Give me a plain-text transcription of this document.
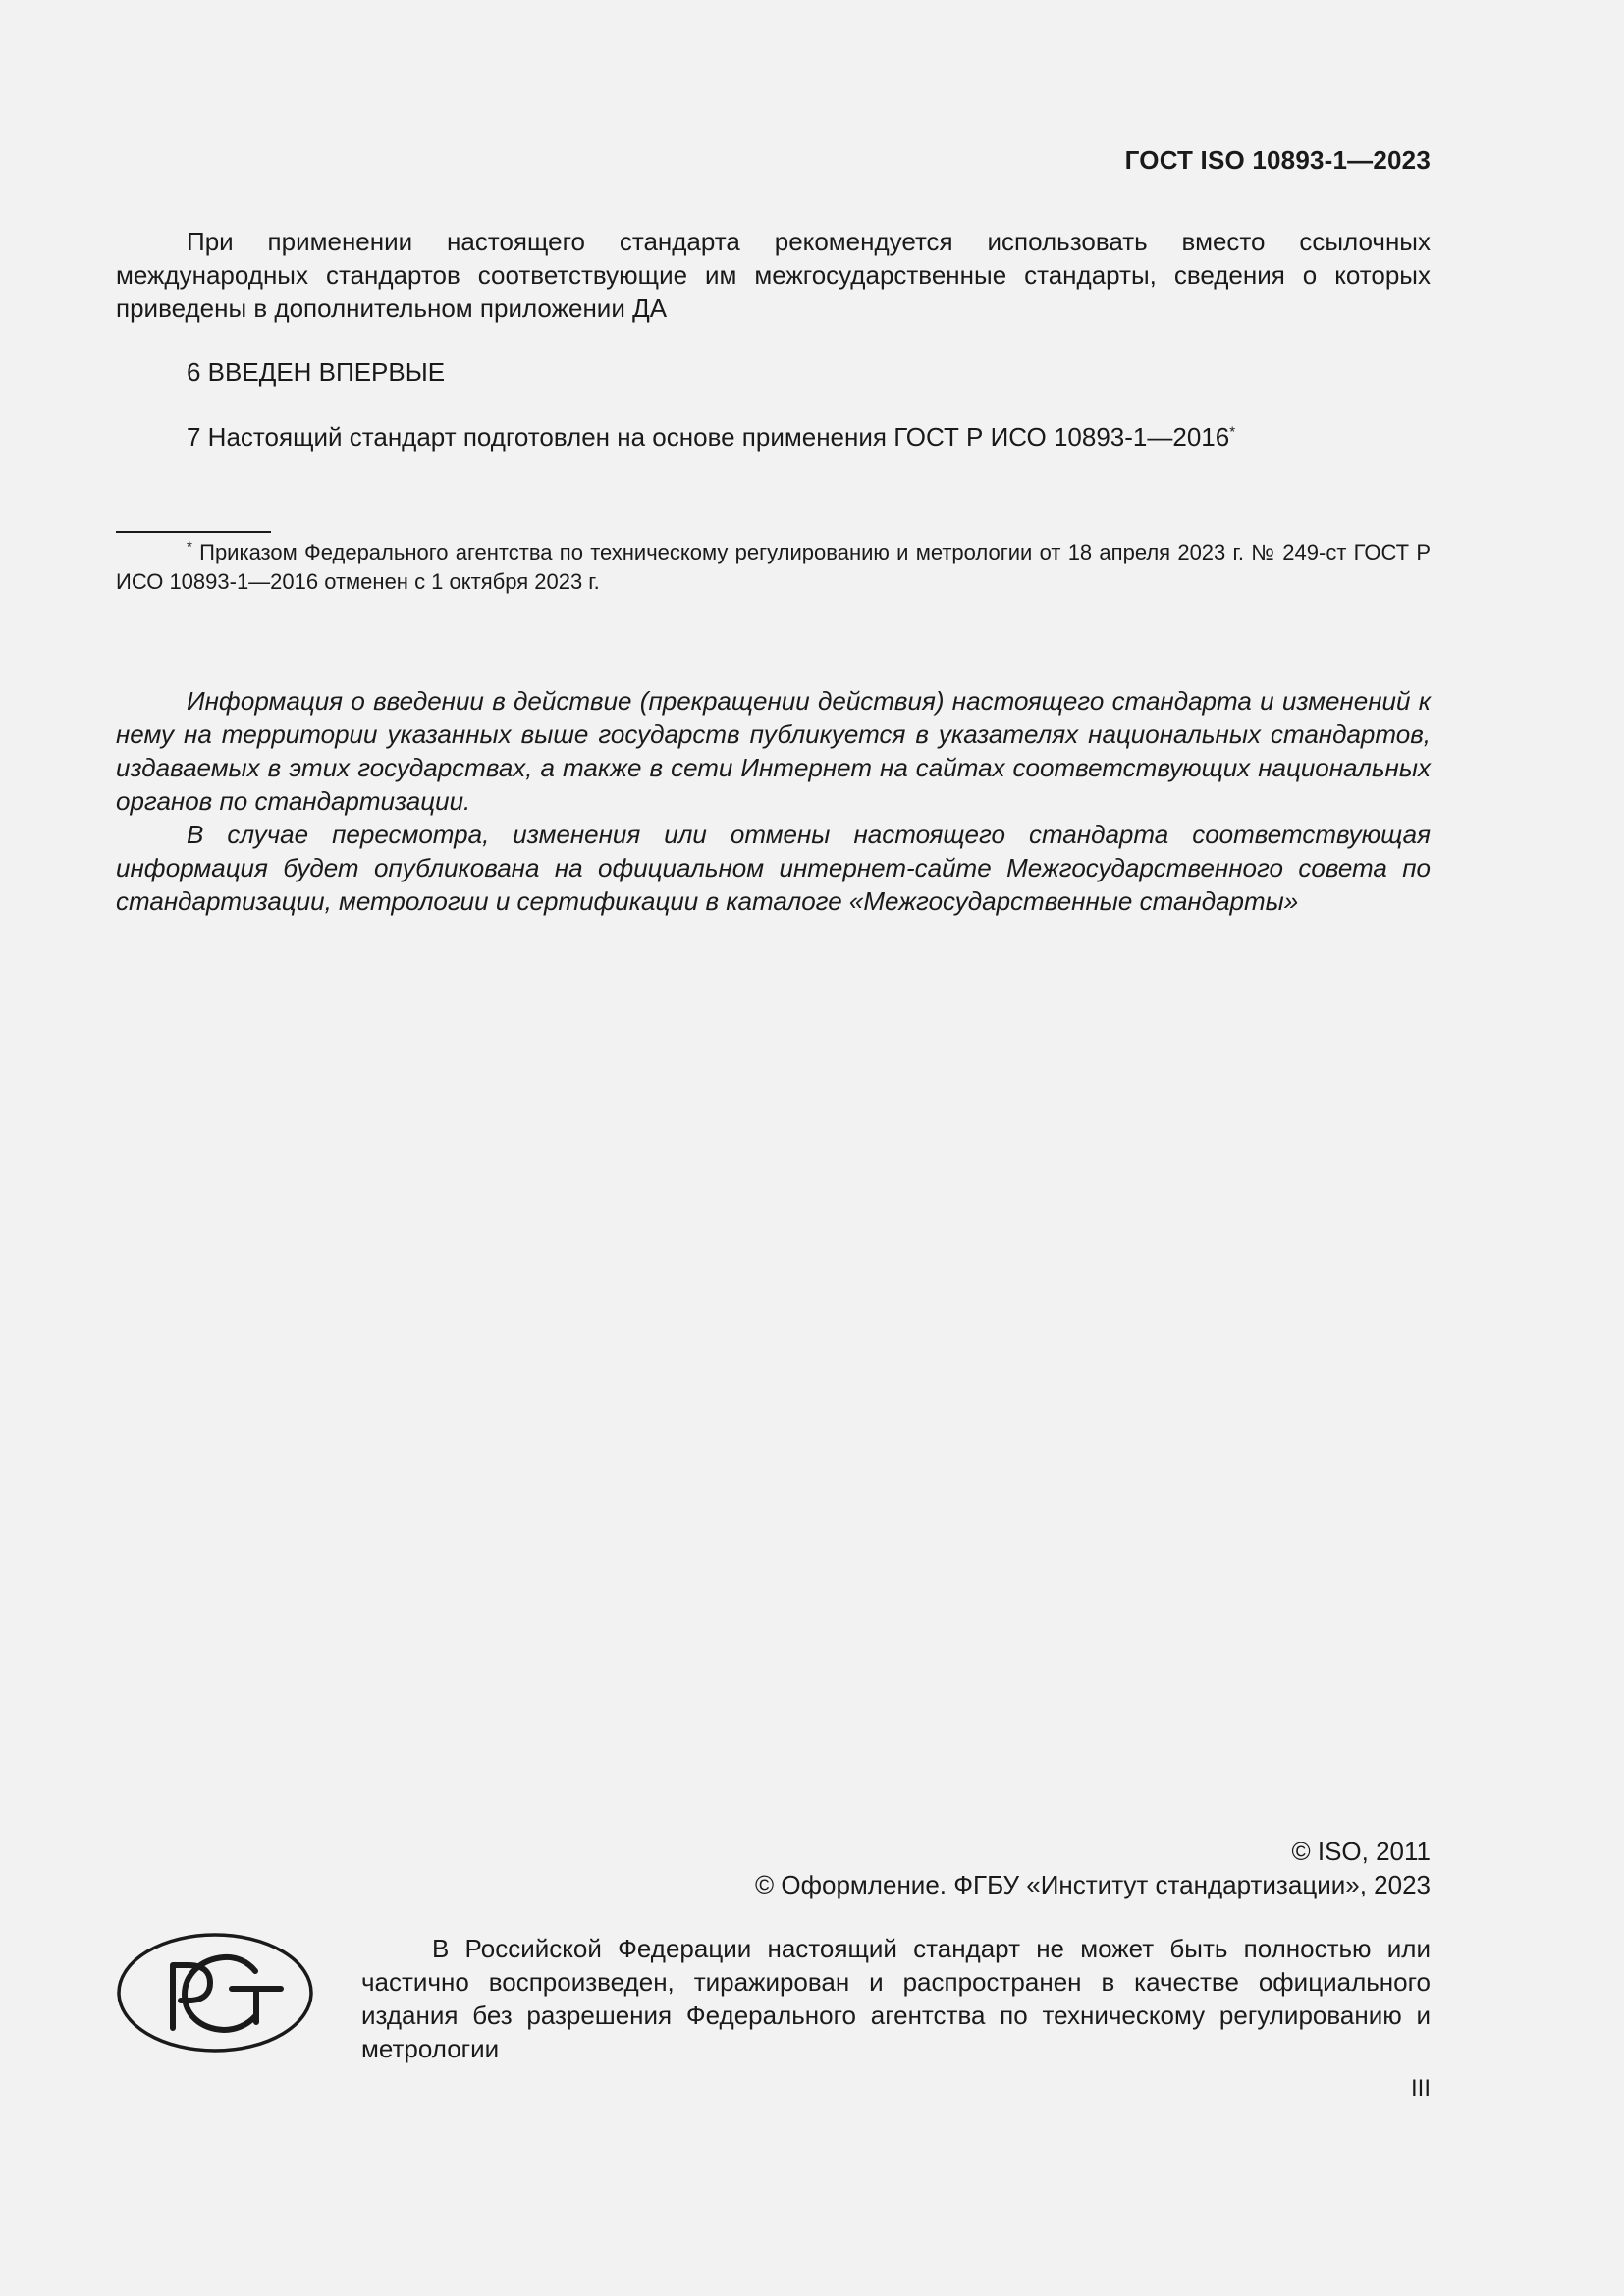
ГОСТ ISO 10893-1—2023
При применении настоящего стандарта рекомендуется использовать вместо ссылочных международных стандартов соответствующие им межгосударственные стандарты, сведения о которых приведены в дополнительном приложении ДА
6 ВВЕДЕН ВПЕРВЫЕ
7 Настоящий стандарт подготовлен на основе применения ГОСТ Р ИСО 10893-1—2016*
* Приказом Федерального агентства по техническому регулированию и метрологии от 18 апреля 2023 г. № 249-ст ГОСТ Р ИСО 10893-1—2016 отменен с 1 октября 2023 г.

Информация о введении в действие (прекращении действия) настоящего стандарта и изменений к нему на территории указанных выше государств публикуется в указателях национальных стандартов, издаваемых в этих государствах, а также в сети Интернет на сайтах соответствующих национальных органов по стандартизации.

В случае пересмотра, изменения или отмены настоящего стандарта соответствующая информация будет опубликована на официальном интернет-сайте Межгосударственного совета по стандартизации, метрологии и сертификации в каталоге «Межгосударственные стандарты»

© ISO, 2011
© Оформление. ФГБУ «Институт стандартизации», 2023
В Российской Федерации настоящий стандарт не может быть полностью или частично воспроизведен, тиражирован и распространен в качестве официального издания без разрешения Федерального агентства по техническому регулированию и метрологии
III
